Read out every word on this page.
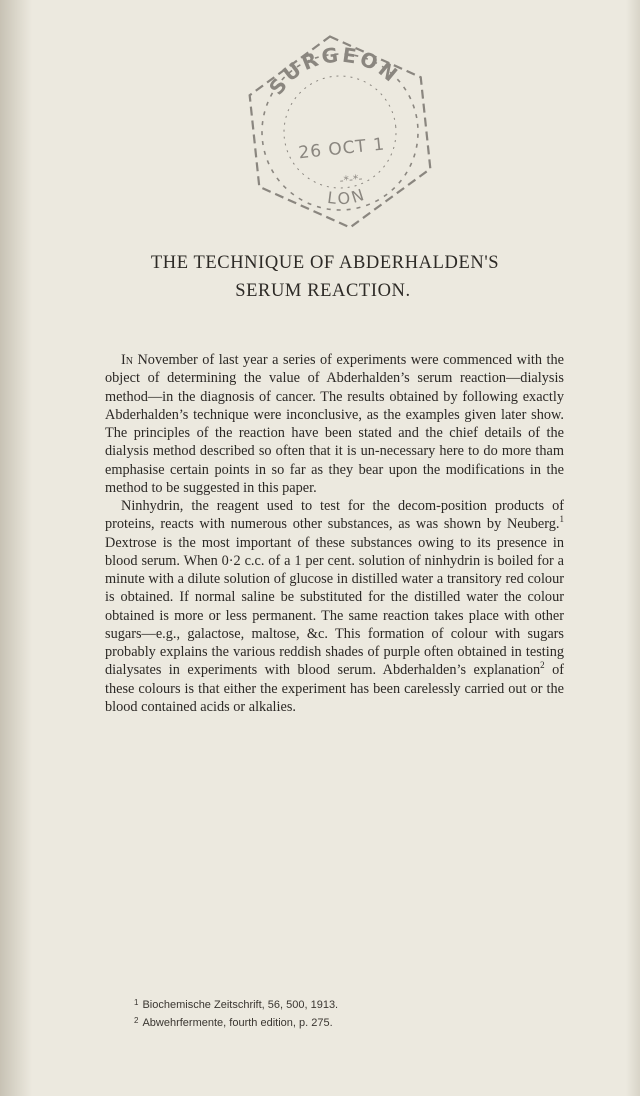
SURGEON
LON
26 OCT 1
-*-*-
THE TECHNIQUE OF ABDERHALDEN'S
SERUM REACTION.

In November of last year a series of experiments were commenced with the object of determining the value of Abderhalden’s serum reaction—dialysis method—in the diagnosis of cancer. The results obtained by following exactly Abderhalden’s technique were inconclusive, as the examples given later show. The principles of the reaction have been stated and the chief details of the dialysis method described so often that it is un-necessary here to do more tham emphasise certain points in so far as they bear upon the modifications in the method to be suggested in this paper.

Ninhydrin, the reagent used to test for the decom-position products of proteins, reacts with numerous other substances, as was shown by Neuberg.$^1$ Dextrose is the most important of these substances owing to its presence in blood serum. When 0·2 c.c. of a 1 per cent. solution of ninhydrin is boiled for a minute with a dilute solution of glucose in distilled water a transitory red colour is obtained. If normal saline be substituted for the distilled water the colour obtained is more or less permanent. The same reaction takes place with other sugars—e.g., galactose, maltose, &c. This formation of colour with sugars probably explains the various reddish shades of purple often obtained in testing dialysates in experiments with blood serum. Abderhalden’s explanation$^2$ of these colours is that either the experiment has been carelessly carried out or the blood contained acids or alkalies.

$^1$ Biochemische Zeitschrift, 56, 500, 1913.
$^2$ Abwehrfermente, fourth edition, p. 275.
